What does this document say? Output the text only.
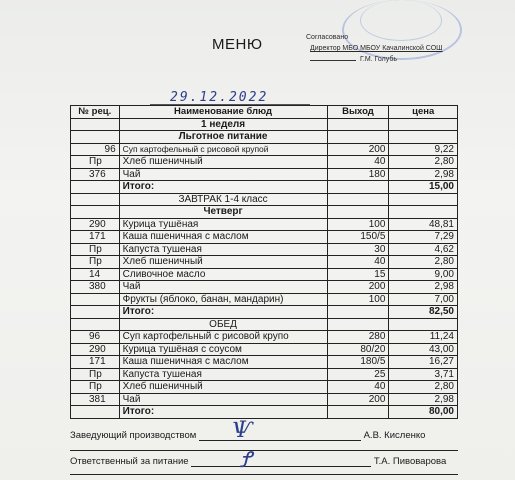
МЕНЮ	Согласовано
Директор МБО МБОУ Качалинской СОШ
Г.М. Голубь
29.12.2022
№ рец.	Наименование блюд	Выход	цена
	1 неделя		
	Льготное питание		
96	Суп картофельный с рисовой крупой	200	9,22
Пр	Хлеб пшеничный	40	2,80
376	Чай	180	2,98
	Итого:		15,00
	ЗАВТРАК 1-4 класс		
	Четверг		
290	Курица тушёная	100	48,81
171	Каша пшеничная с маслом	150/5	7,29
Пр	Капуста тушеная	30	4,62
Пр	Хлеб пшеничный	40	2,80
14	Сливочное масло	15	9,00
380	Чай	200	2,98
	Фрукты (яблоко, банан, мандарин)	100	7,00
	Итого:		82,50
	ОБЕД		
96	Суп картофельный с рисовой крупо	280	11,24
290	Курица тушёная с соусом	80/20	43,00
171	Каша пшеничная с маслом	180/5	16,27
Пр	Капуста тушеная	25	3,71
Пр	Хлеб пшеничный	40	2,80
381	Чай	200	2,98
	Итого:		80,00
Заведующий производством	А.В. Кисленко
Ѱ
Ответственный за питание	Т.А. Пивоварова
Ꝭ
